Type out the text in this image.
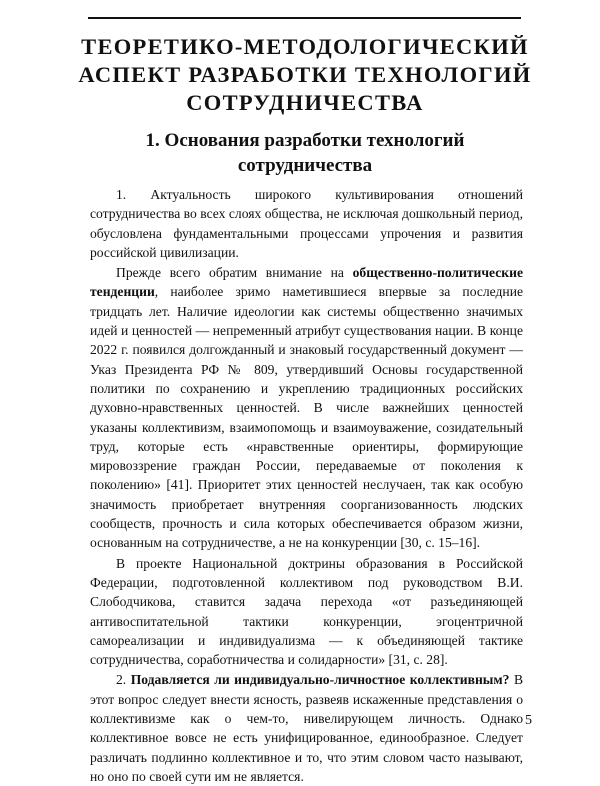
ТЕОРЕТИКО-МЕТОДОЛОГИЧЕСКИЙ
АСПЕКТ РАЗРАБОТКИ ТЕХНОЛОГИЙ
СОТРУДНИЧЕСТВА
1. Основания разработки технологий
сотрудничества

1. Актуальность широкого культивирования отношений сотрудничества во всех слоях общества, не исключая дошкольный период, обусловлена фундаментальными процессами упрочения и развития российской цивилизации.

Прежде всего обратим внимание на общественно-политические тенденции, наиболее зримо наметившиеся впервые за последние тридцать лет. Наличие идеологии как системы общественно значимых идей и ценностей — непременный атрибут существования нации. В конце 2022 г. появился долгожданный и знаковый государственный документ — Указ Президента РФ № 809, утвердивший Основы государственной политики по сохранению и укреплению традиционных российских духовно-нравственных ценностей. В числе важнейших ценностей указаны коллективизм, взаимопомощь и взаимоуважение, созидательный труд, которые есть «нравственные ориентиры, формирующие мировоззрение граждан России, передаваемые от поколения к поколению» [41]. Приоритет этих ценностей неслучаен, так как особую значимость приобретает внутренняя соорганизованность людских сообществ, прочность и сила которых обеспечивается образом жизни, основанным на сотрудничестве, а не на конкуренции [30, с. 15–16].

В проекте Национальной доктрины образования в Российской Федерации, подготовленной коллективом под руководством В.И. Слободчикова, ставится задача перехода «от разъединяющей антивоспитательной тактики конкуренции, эгоцентричной самореализации и индивидуализма — к объединяющей тактике сотрудничества, соработничества и солидарности» [31, с. 28].

2. Подавляется ли индивидуально-личностное коллективным? В этот вопрос следует внести ясность, развеяв искаженные представления о коллективизме как о чем-то, нивелирующем личность. Однако коллективное вовсе не есть унифицированное, единообразное. Следует различать подлинно коллективное и то, что этим словом часто называют, но оно по своей сути им не является.

5
